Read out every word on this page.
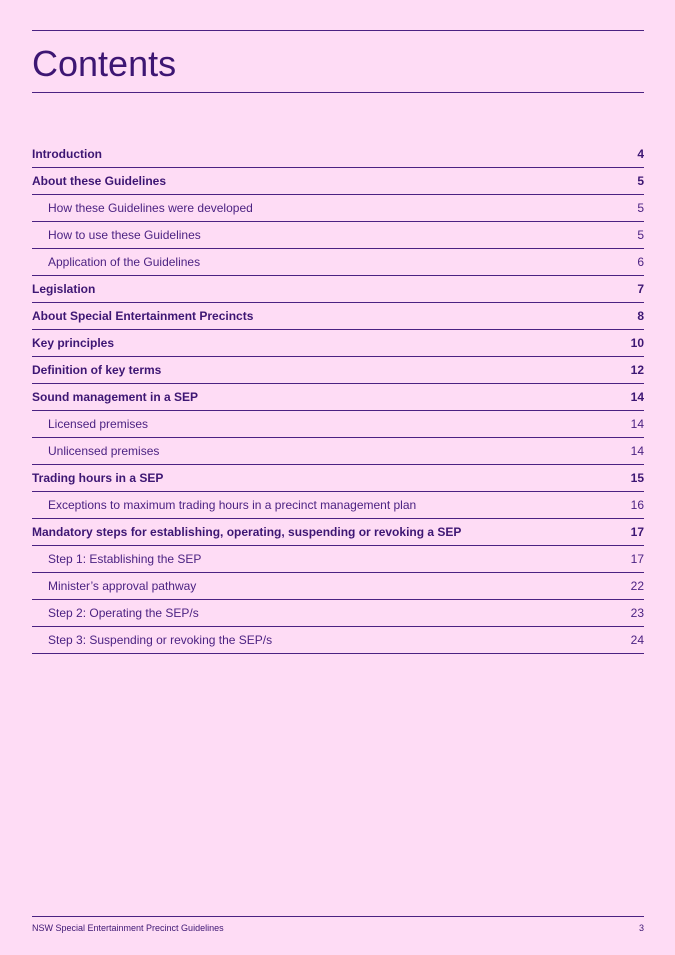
Contents
Introduction	4
About these Guidelines	5
How these Guidelines were developed	5
How to use these Guidelines	5
Application of the Guidelines	6
Legislation	7
About Special Entertainment Precincts	8
Key principles	10
Definition of key terms	12
Sound management in a SEP	14
Licensed premises	14
Unlicensed premises	14
Trading hours in a SEP	15
Exceptions to maximum trading hours in a precinct management plan	16
Mandatory steps for establishing, operating, suspending or revoking a SEP	17
Step 1: Establishing the SEP	17
Minister’s approval pathway	22
Step 2: Operating the SEP/s	23
Step 3: Suspending or revoking the SEP/s	24
NSW Special Entertainment Precinct Guidelines	3
